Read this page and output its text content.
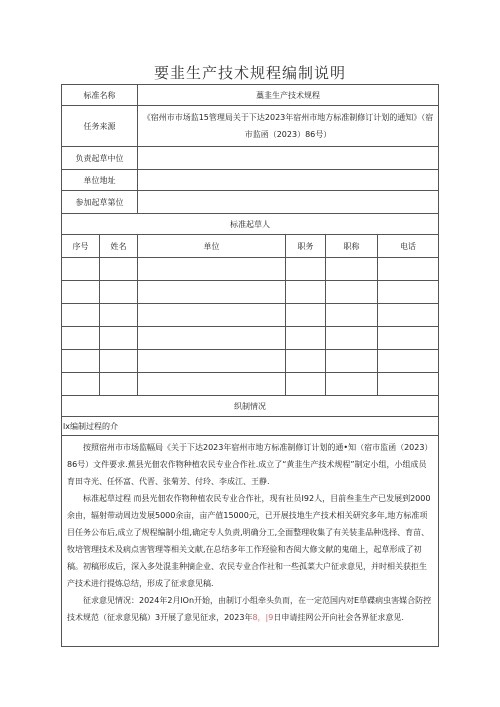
要韭生产技术规程编制说明
标准名称		藁韭生产技术规程			
任务来源		《宿州市市场监15管理局关于下达2023年宿州市地方标准制修订计划的通知》（宿市监函（2023）86号）			
负责起草中位					
单位地址					
参加起草第位					
标准起草人					
序号	姓名	单位	职务	职称	电话

织制情况					
lx编制过程的介					

按照宿州市市场监幅局《关于下达2023年宿州市地方标准制修订计划的通•知（宿市监函（2023）86号）文件要求.蕉县光佃农作物种植农民专业合作社.成立了“黄韭生产技术规程”制定小组，小组成员育田寺光、任怀富、代晋、张菊芳、付玲、李成江、王静.

标准起草过程 而县光佃农作物种植农民专业合作社，现有社员I92人，目前叁韭生产已发展到2000余由，辐射带动周边发展5000余亩，亩产值15000元，已开展技地生产技术相关研究多年,地方标准项目任务公布后,成立了规程编制小组,确定专人负责,明确分工,全面整理收集了有关装韭品种选择、育苗、牧培管理技术及病点害管理等相关文献,在总结多年工作羟验和杏阅大修文献的鬼础上，起草形成了初稿。初稿形成后，深入多处混韭种摘企业、农民专业合作社和一些孤菜大户征求意见，并时相关获拒生产技术进行提炼总结，形成了征求意见稿.

征求意见情况：2024年2月lOn开始，由制订小组牵头负而，在一定范国内对E草碟病虫害媒合防控技术规范（征求意见稿）3开展了意见征求，2023年8，|9日申请挂网公开向社会各界征求意见.					
